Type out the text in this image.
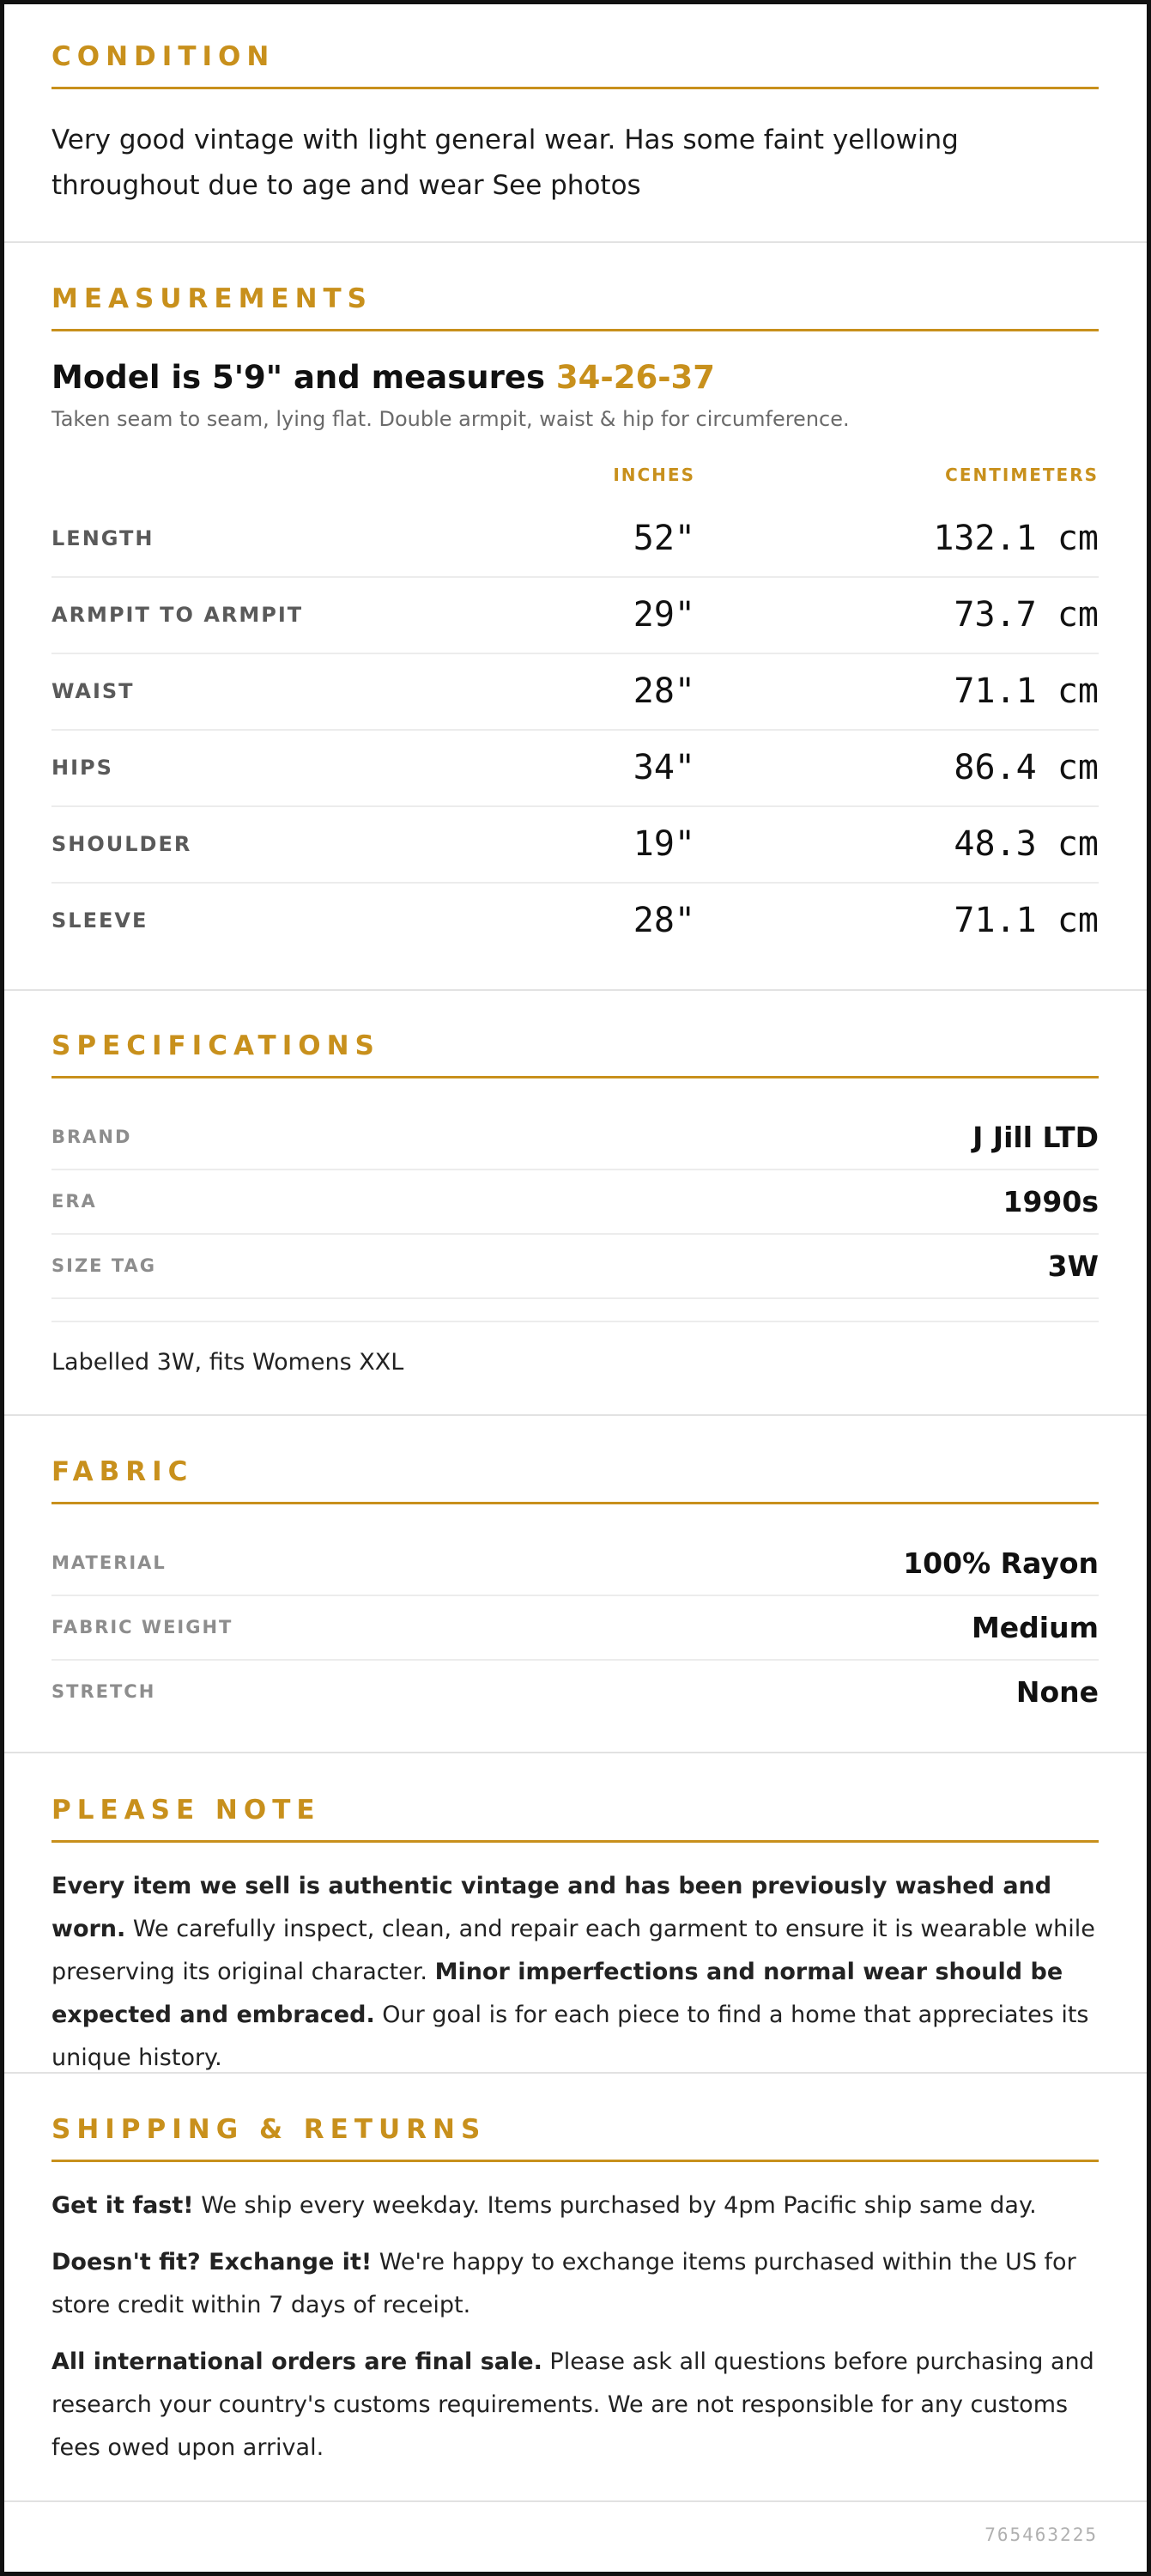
CONDITION
Very good vintage with light general wear. Has some faint yellowing throughout due to age and wear See photos
MEASUREMENTS
Model is 5'9" and measures 34-26-37
Taken seam to seam, lying flat. Double armpit, waist & hip for circumference.
INCHES	CENTIMETERS
LENGTH	52"	132.1 cm
ARMPIT TO ARMPIT	29"	73.7 cm
WAIST	28"	71.1 cm
HIPS	34"	86.4 cm
SHOULDER	19"	48.3 cm
SLEEVE	28"	71.1 cm
SPECIFICATIONS
BRAND	J Jill LTD
ERA	1990s
SIZE TAG	3W
Labelled 3W, fits Womens XXL
FABRIC
MATERIAL	100% Rayon
FABRIC WEIGHT	Medium
STRETCH	None
PLEASE NOTE
Every item we sell is authentic vintage and has been previously washed and worn. We carefully inspect, clean, and repair each garment to ensure it is wearable while preserving its original character. Minor imperfections and normal wear should be expected and embraced. Our goal is for each piece to find a home that appreciates its unique history.
SHIPPING & RETURNS
Get it fast! We ship every weekday. Items purchased by 4pm Pacific ship same day.
Doesn't fit? Exchange it! We're happy to exchange items purchased within the US for store credit within 7 days of receipt.
All international orders are final sale. Please ask all questions before purchasing and research your country's customs requirements. We are not responsible for any customs fees owed upon arrival.
765463225
